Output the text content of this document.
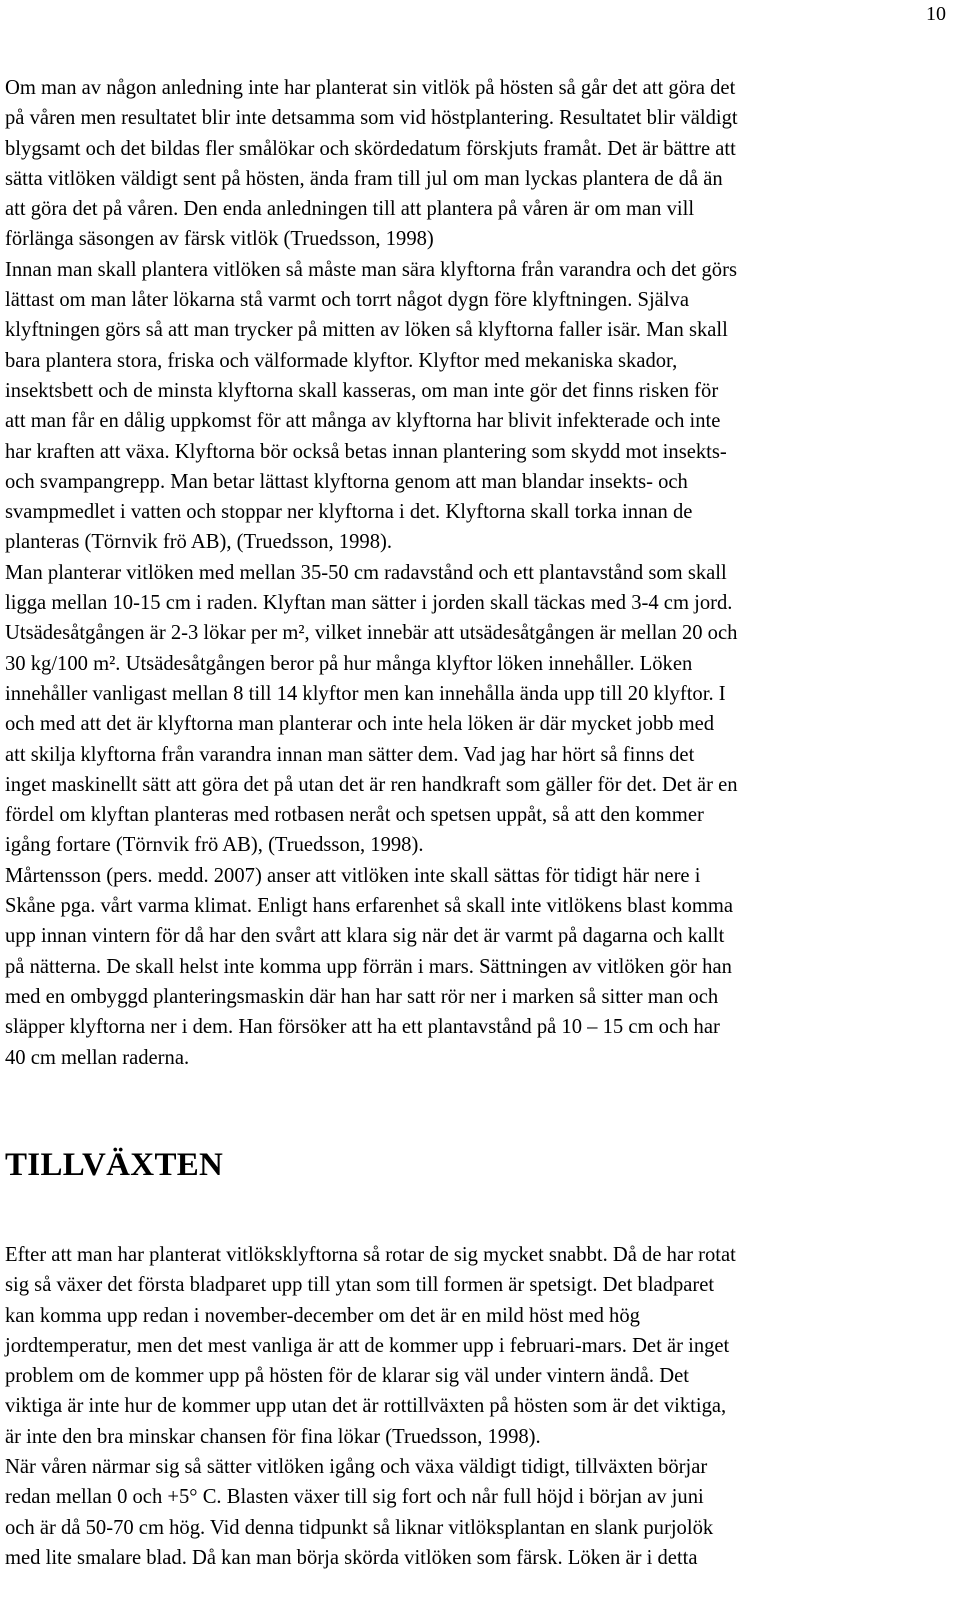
10
Om man av någon anledning inte har planterat sin vitlök på hösten så går det att göra det
på våren men resultatet blir inte detsamma som vid höstplantering. Resultatet blir väldigt
blygsamt och det bildas fler smålökar och skördedatum förskjuts framåt. Det är bättre att
sätta vitlöken väldigt sent på hösten, ända fram till jul om man lyckas plantera de då än
att göra det på våren. Den enda anledningen till att plantera på våren är om man vill
förlänga säsongen av färsk vitlök (Truedsson, 1998)
Innan man skall plantera vitlöken så måste man sära klyftorna från varandra och det görs
lättast om man låter lökarna stå varmt och torrt något dygn före klyftningen. Själva
klyftningen görs så att man trycker på mitten av löken så klyftorna faller isär. Man skall
bara plantera stora, friska och välformade klyftor. Klyftor med mekaniska skador,
insektsbett och de minsta klyftorna skall kasseras, om man inte gör det finns risken för
att man får en dålig uppkomst för att många av klyftorna har blivit infekterade och inte
har kraften att växa. Klyftorna bör också betas innan plantering som skydd mot insekts-
och svampangrepp. Man betar lättast klyftorna genom att man blandar insekts- och
svampmedlet i vatten och stoppar ner klyftorna i det. Klyftorna skall torka innan de
planteras (Törnvik frö AB), (Truedsson, 1998).
Man planterar vitlöken med mellan 35-50 cm radavstånd och ett plantavstånd som skall
ligga mellan 10-15 cm i raden. Klyftan man sätter i jorden skall täckas med 3-4 cm jord.
Utsädesåtgången är 2-3 lökar per m², vilket innebär att utsädesåtgången är mellan 20 och
30 kg/100 m². Utsädesåtgången beror på hur många klyftor löken innehåller. Löken
innehåller vanligast mellan 8 till 14 klyftor men kan innehålla ända upp till 20 klyftor. I
och med att det är klyftorna man planterar och inte hela löken är där mycket jobb med
att skilja klyftorna från varandra innan man sätter dem. Vad jag har hört så finns det
inget maskinellt sätt att göra det på utan det är ren handkraft som gäller för det. Det är en
fördel om klyftan planteras med rotbasen neråt och spetsen uppåt, så att den kommer
igång fortare (Törnvik frö AB), (Truedsson, 1998).
Mårtensson (pers. medd. 2007) anser att vitlöken inte skall sättas för tidigt här nere i
Skåne pga. vårt varma klimat. Enligt hans erfarenhet så skall inte vitlökens blast komma
upp innan vintern för då har den svårt att klara sig när det är varmt på dagarna och kallt
på nätterna. De skall helst inte komma upp förrän i mars. Sättningen av vitlöken gör han
med en ombyggd planteringsmaskin där han har satt rör ner i marken så sitter man och
släpper klyftorna ner i dem. Han försöker att ha ett plantavstånd på 10 – 15 cm och har
40 cm mellan raderna.
TILLVÄXTEN
Efter att man har planterat vitlöksklyftorna så rotar de sig mycket snabbt. Då de har rotat
sig så växer det första bladparet upp till ytan som till formen är spetsigt. Det bladparet
kan komma upp redan i november-december om det är en mild höst med hög
jordtemperatur, men det mest vanliga är att de kommer upp i februari-mars. Det är inget
problem om de kommer upp på hösten för de klarar sig väl under vintern ändå. Det
viktiga är inte hur de kommer upp utan det är rottillväxten på hösten som är det viktiga,
är inte den bra minskar chansen för fina lökar (Truedsson, 1998).
När våren närmar sig så sätter vitlöken igång och växa väldigt tidigt, tillväxten börjar
redan mellan 0 och +5° C. Blasten växer till sig fort och når full höjd i början av juni
och är då 50-70 cm hög. Vid denna tidpunkt så liknar vitlöksplantan en slank purjolök
med lite smalare blad. Då kan man börja skörda vitlöken som färsk. Löken är i detta
